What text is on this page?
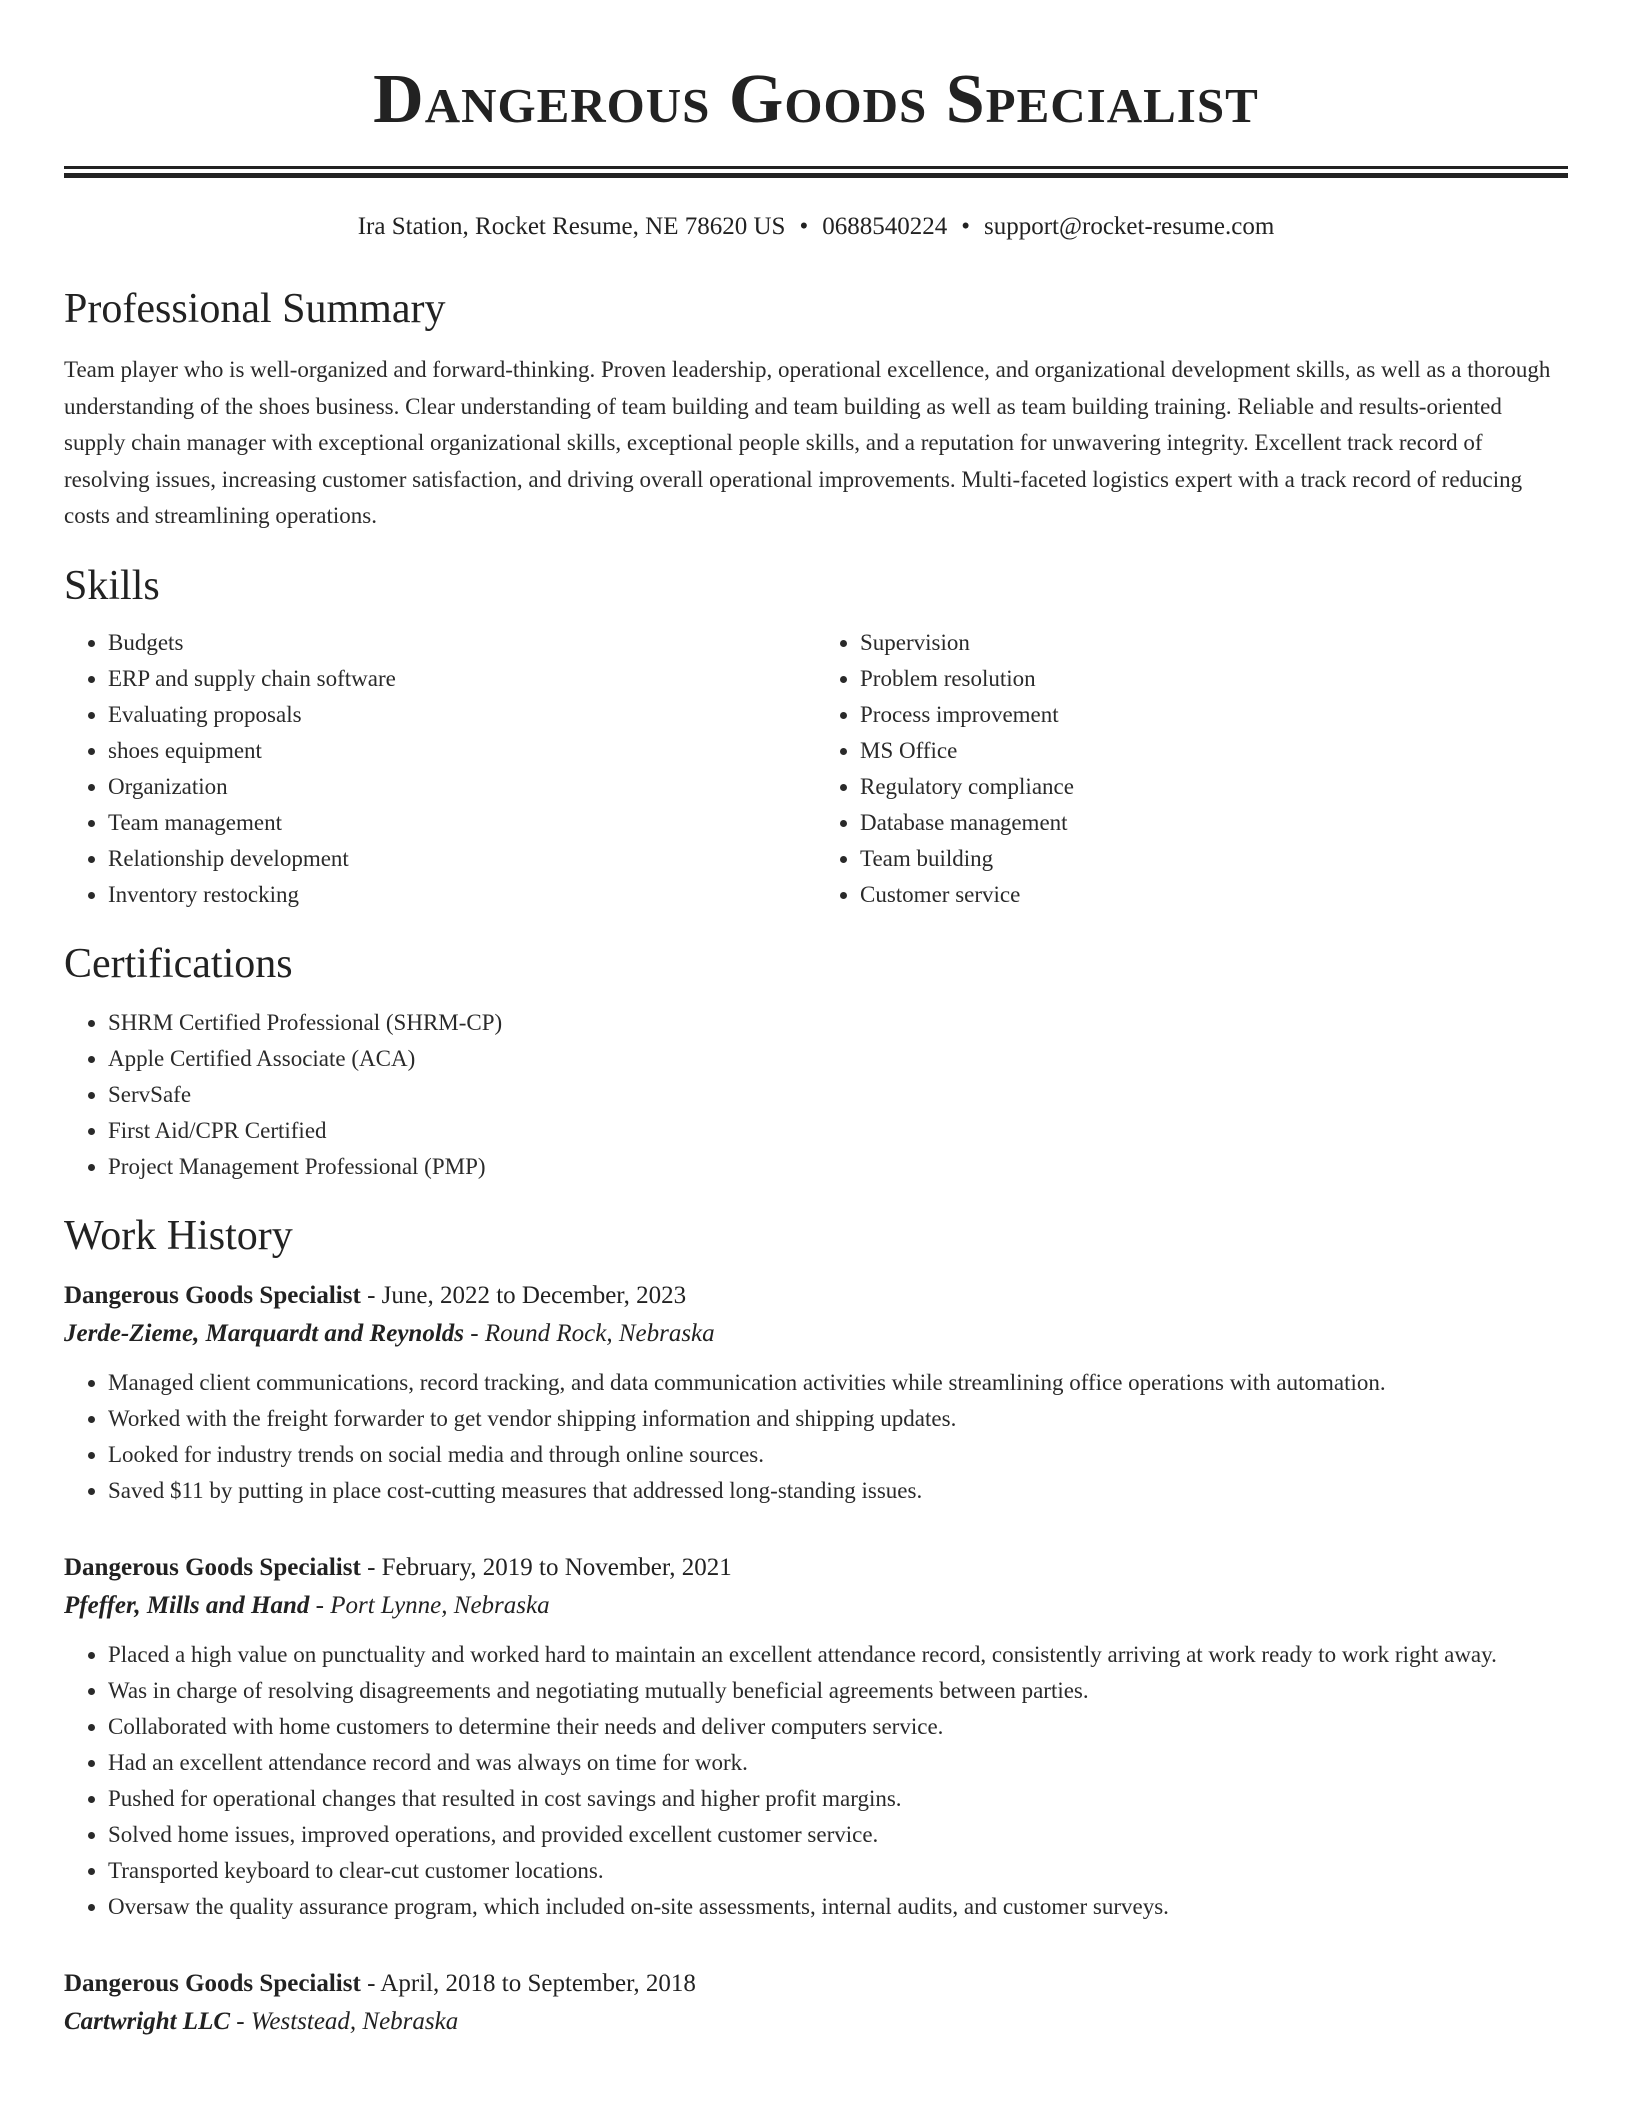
Dangerous Goods Specialist
Ira Station, Rocket Resume, NE 78620 US • 0688540224 • support@rocket-resume.com
Professional Summary
Team player who is well-organized and forward-thinking. Proven leadership, operational excellence, and organizational development skills, as well as a thorough understanding of the shoes business. Clear understanding of team building and team building as well as team building training. Reliable and results-oriented supply chain manager with exceptional organizational skills, exceptional people skills, and a reputation for unwavering integrity. Excellent track record of resolving issues, increasing customer satisfaction, and driving overall operational improvements. Multi-faceted logistics expert with a track record of reducing costs and streamlining operations.
Skills
• Budgets
• ERP and supply chain software
• Evaluating proposals
• shoes equipment
• Organization
• Team management
• Relationship development
• Inventory restocking
• Supervision
• Problem resolution
• Process improvement
• MS Office
• Regulatory compliance
• Database management
• Team building
• Customer service
Certifications
• SHRM Certified Professional (SHRM-CP)
• Apple Certified Associate (ACA)
• ServSafe
• First Aid/CPR Certified
• Project Management Professional (PMP)
Work History
Dangerous Goods Specialist - June, 2022 to December, 2023
Jerde-Zieme, Marquardt and Reynolds - Round Rock, Nebraska
• Managed client communications, record tracking, and data communication activities while streamlining office operations with automation.
• Worked with the freight forwarder to get vendor shipping information and shipping updates.
• Looked for industry trends on social media and through online sources.
• Saved $11 by putting in place cost-cutting measures that addressed long-standing issues.
Dangerous Goods Specialist - February, 2019 to November, 2021
Pfeffer, Mills and Hand - Port Lynne, Nebraska
• Placed a high value on punctuality and worked hard to maintain an excellent attendance record, consistently arriving at work ready to work right away.
• Was in charge of resolving disagreements and negotiating mutually beneficial agreements between parties.
• Collaborated with home customers to determine their needs and deliver computers service.
• Had an excellent attendance record and was always on time for work.
• Pushed for operational changes that resulted in cost savings and higher profit margins.
• Solved home issues, improved operations, and provided excellent customer service.
• Transported keyboard to clear-cut customer locations.
• Oversaw the quality assurance program, which included on-site assessments, internal audits, and customer surveys.
Dangerous Goods Specialist - April, 2018 to September, 2018
Cartwright LLC - Weststead, Nebraska
